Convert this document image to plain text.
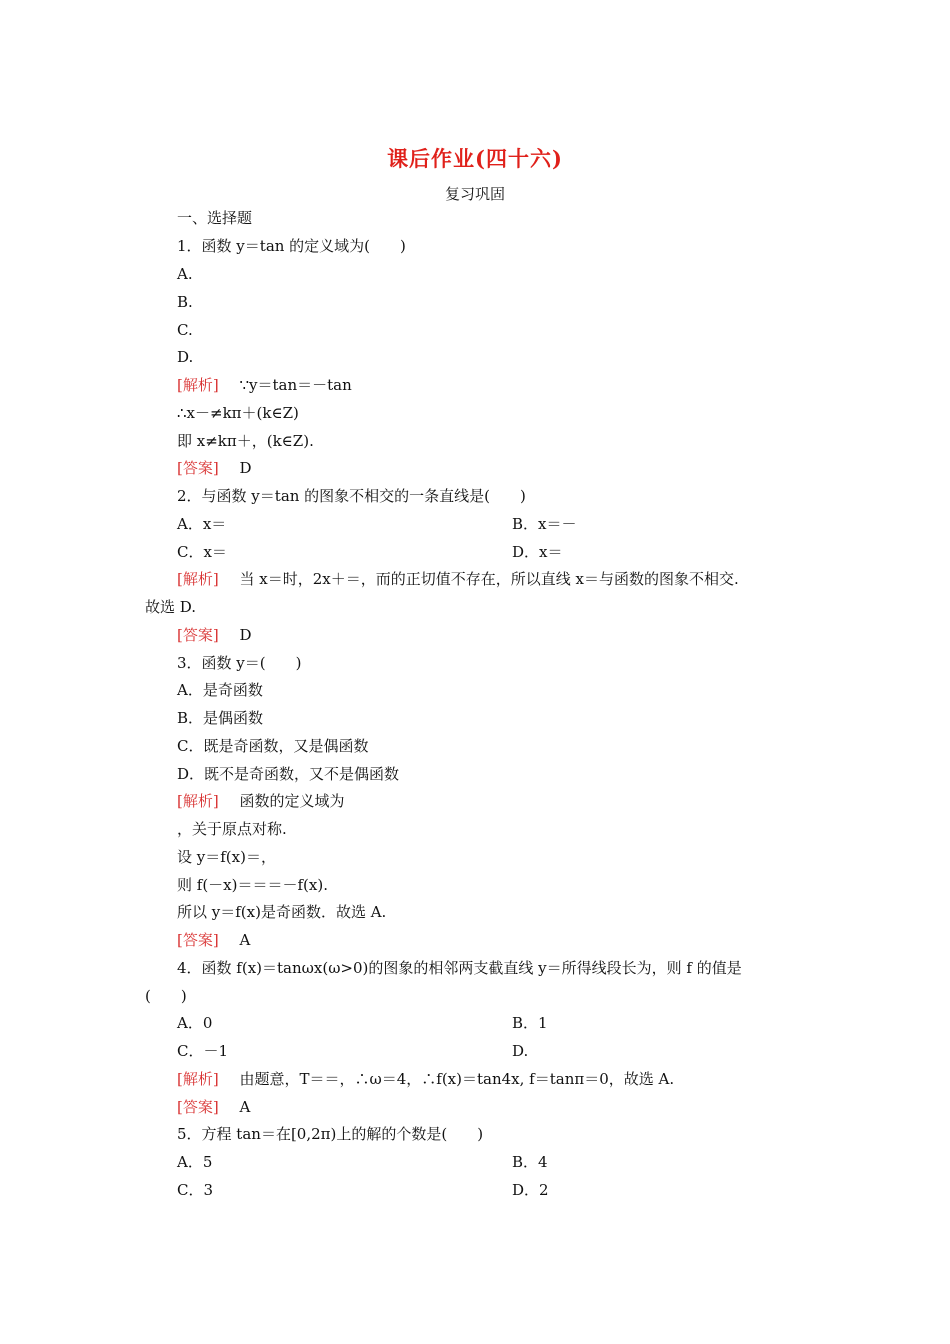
课后作业(四十六)
复习巩固
一、选择题
1．函数 y＝tan 的定义域为(　　)
A.
B.
C.
D.
[解析] ∵y＝tan＝－tan
∴x－≠kπ＋(k∈Z)
即 x≠kπ＋，(k∈Z).
[答案] D
2．与函数 y＝tan 的图象不相交的一条直线是(　　)
A．x＝	B．x＝－
C．x＝	D．x＝
[解析] 当 x＝时，2x＋＝，而的正切值不存在，所以直线 x＝与函数的图象不相交.
故选 D.
[答案] D
3．函数 y＝(　　)
A．是奇函数
B．是偶函数
C．既是奇函数，又是偶函数
D．既不是奇函数，又不是偶函数
[解析] 函数的定义域为
，关于原点对称.
设 y＝f(x)＝，
则 f(－x)＝＝＝－f(x).
所以 y＝f(x)是奇函数．故选 A.
[答案] A
4．函数 f(x)＝tanωx(ω>0)的图象的相邻两支截直线 y＝所得线段长为，则 f 的值是
(　　)
A．0	B．1
C．－1	D.
[解析] 由题意，T＝＝，∴ω＝4，∴f(x)＝tan4x, f＝tanπ＝0，故选 A.
[答案] A
5．方程 tan＝在[0,2π)上的解的个数是(　　)
A．5	B．4
C．3	D．2
